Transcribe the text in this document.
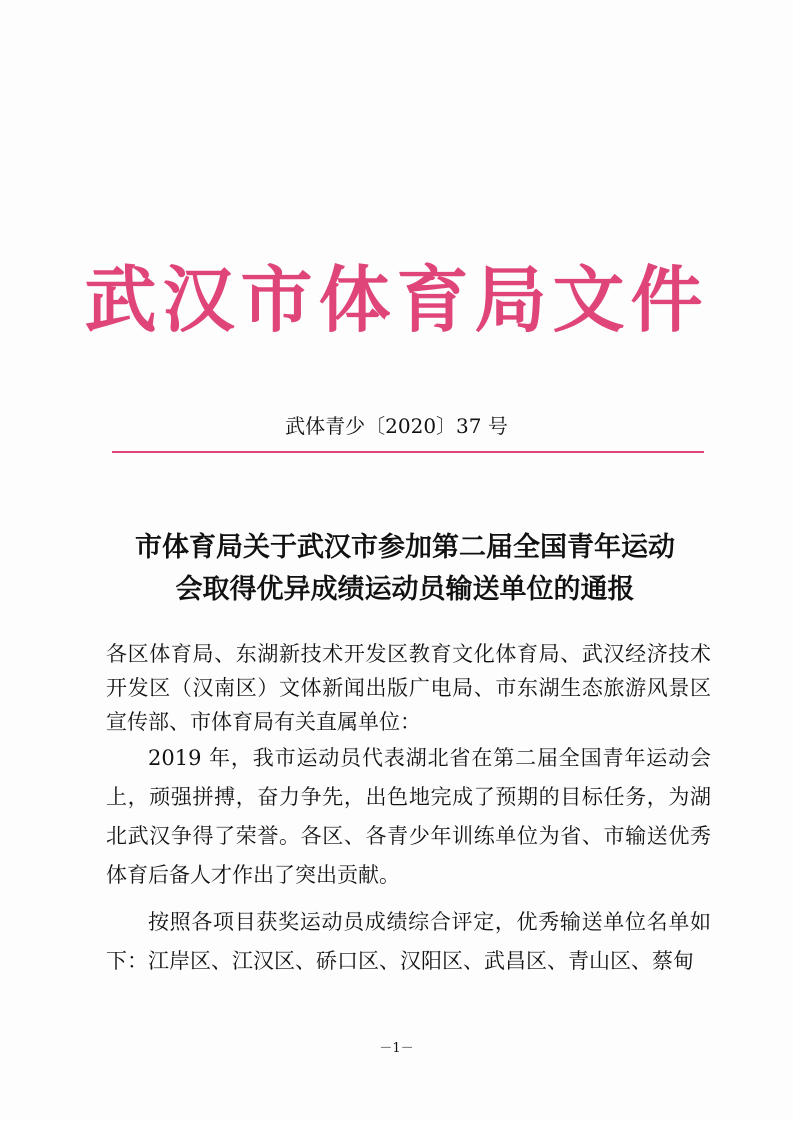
武汉市体育局文件
武体青少〔2020〕37 号
市体育局关于武汉市参加第二届全国青年运动
会取得优异成绩运动员输送单位的通报

各区体育局、东湖新技术开发区教育文化体育局、武汉经济技术开发区（汉南区）文体新闻出版广电局、市东湖生态旅游风景区宣传部、市体育局有关直属单位：

2019 年，我市运动员代表湖北省在第二届全国青年运动会上，顽强拼搏，奋力争先，出色地完成了预期的目标任务，为湖北武汉争得了荣誉。各区、各青少年训练单位为省、市输送优秀体育后备人才作出了突出贡献。

按照各项目获奖运动员成绩综合评定，优秀输送单位名单如下：江岸区、江汉区、硚口区、汉阳区、武昌区、青山区、蔡甸

－1－
